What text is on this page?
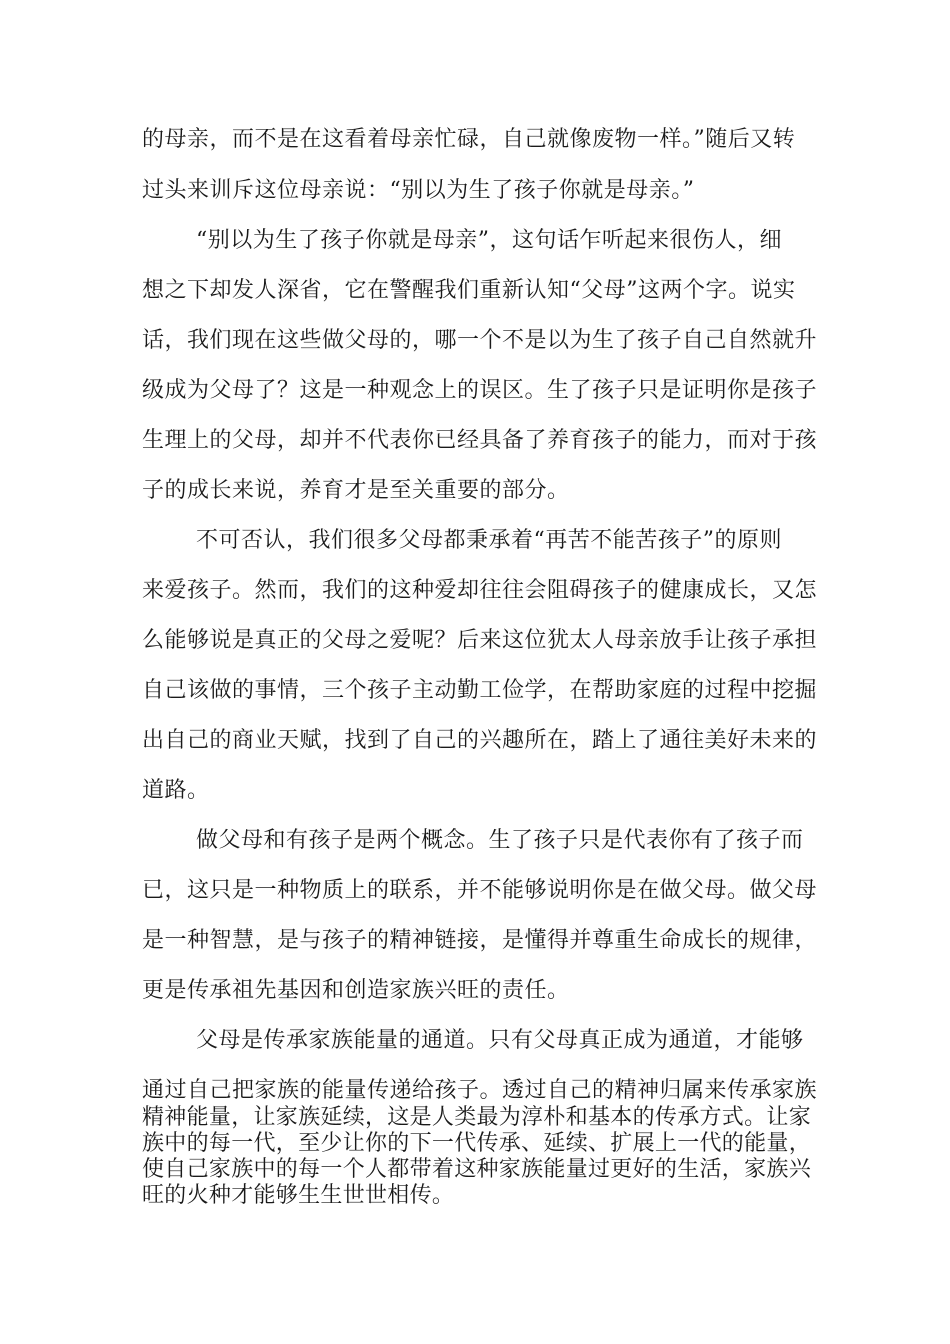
的母亲，而不是在这看着母亲忙碌，自己就像废物一样。”随后又转
过头来训斥这位母亲说：“别以为生了孩子你就是母亲。”
“别以为生了孩子你就是母亲”，这句话乍听起来很伤人，细
想之下却发人深省，它在警醒我们重新认知“父母”这两个字。说实
话，我们现在这些做父母的，哪一个不是以为生了孩子自己自然就升
级成为父母了？这是一种观念上的误区。生了孩子只是证明你是孩子
生理上的父母，却并不代表你已经具备了养育孩子的能力，而对于孩
子的成长来说，养育才是至关重要的部分。
不可否认，我们很多父母都秉承着“再苦不能苦孩子”的原则
来爱孩子。然而，我们的这种爱却往往会阻碍孩子的健康成长，又怎
么能够说是真正的父母之爱呢？后来这位犹太人母亲放手让孩子承担
自己该做的事情，三个孩子主动勤工俭学，在帮助家庭的过程中挖掘
出自己的商业天赋，找到了自己的兴趣所在，踏上了通往美好未来的
道路。
做父母和有孩子是两个概念。生了孩子只是代表你有了孩子而
已，这只是一种物质上的联系，并不能够说明你是在做父母。做父母
是一种智慧，是与孩子的精神链接，是懂得并尊重生命成长的规律，
更是传承祖先基因和创造家族兴旺的责任。
父母是传承家族能量的通道。只有父母真正成为通道，才能够
通过自己把家族的能量传递给孩子。透过自己的精神归属来传承家族
精神能量，让家族延续，这是人类最为淳朴和基本的传承方式。让家
族中的每一代，至少让你的下一代传承、延续、扩展上一代的能量，
使自己家族中的每一个人都带着这种家族能量过更好的生活，家族兴
旺的火种才能够生生世世相传。
